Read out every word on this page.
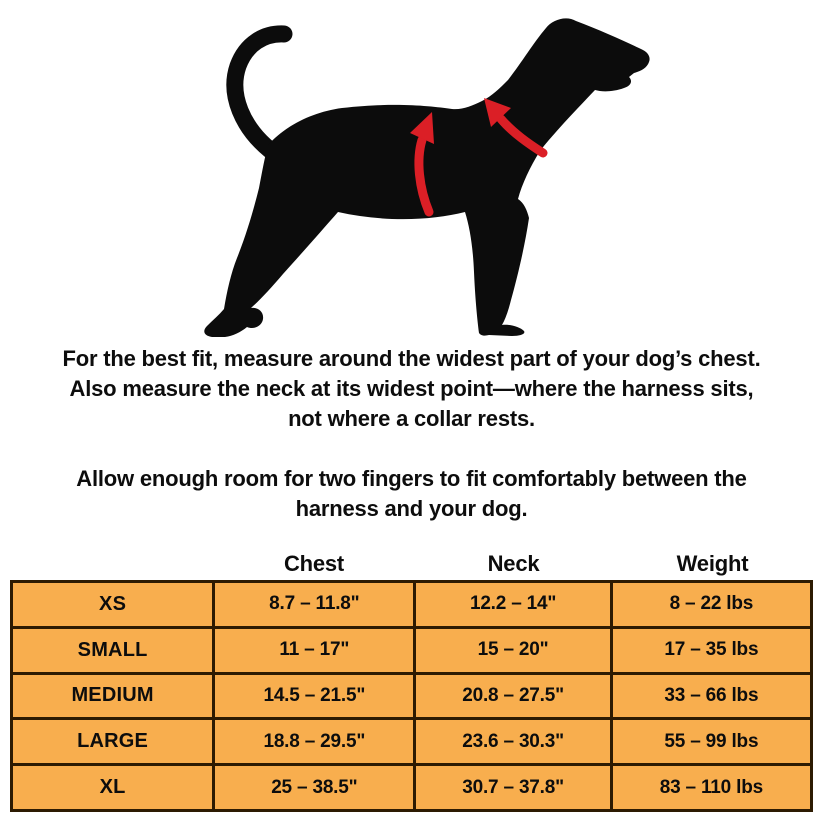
For the best fit, measure around the widest part of your dog’s chest.
Also measure the neck at its widest point—where the harness sits,
not where a collar rests.
Allow enough room for two fingers to fit comfortably between the
harness and your dog.
Chest	Neck	Weight
XS	8.7 – 11.8"	12.2 – 14"	8 – 22 lbs
SMALL	11 – 17"	15 – 20"	17 – 35 lbs
MEDIUM	14.5 – 21.5"	20.8 – 27.5"	33 – 66 lbs
LARGE	18.8 – 29.5"	23.6 – 30.3"	55 – 99 lbs
XL	25 – 38.5"	30.7 – 37.8"	83 – 110 lbs
